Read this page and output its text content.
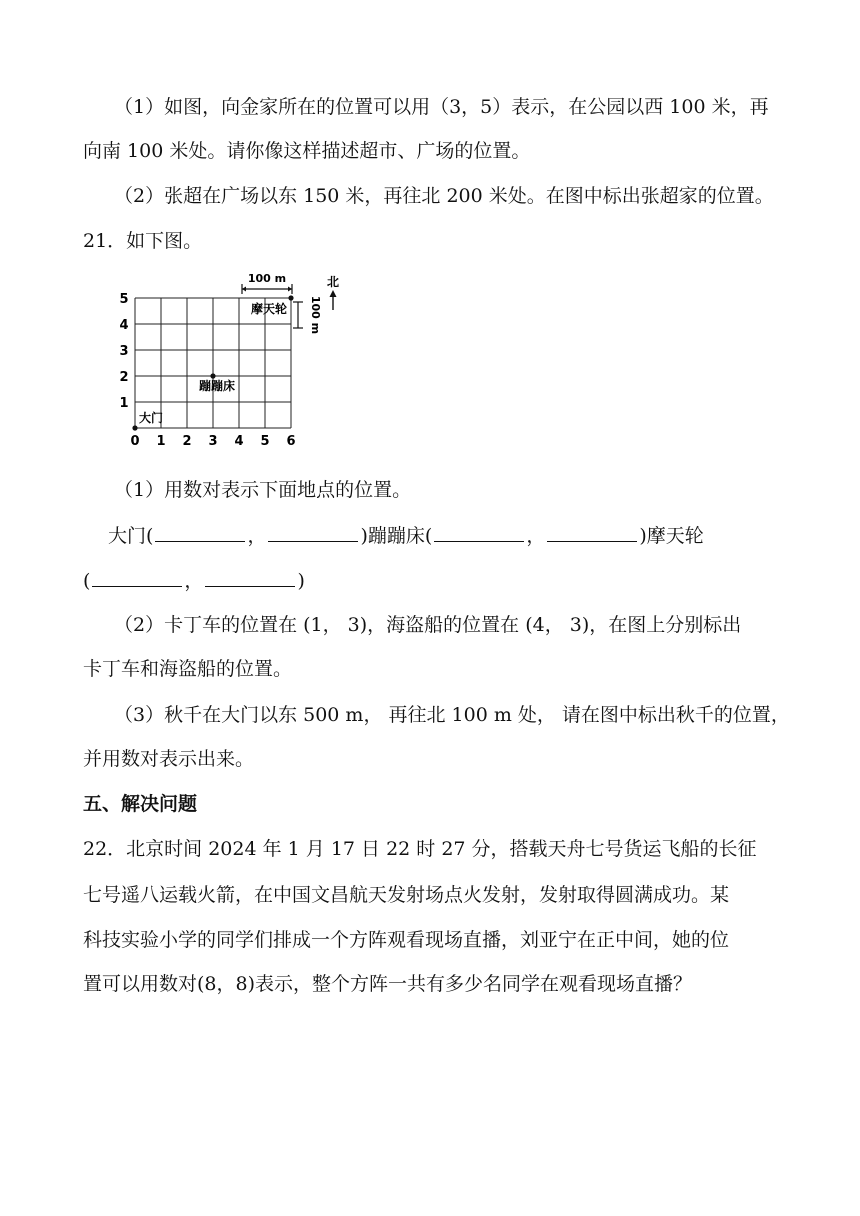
（1）如图，向金家所在的位置可以用（3，5）表示，在公园以西 100 米，再
向南 100 米处。请你像这样描述超市、广场的位置。
（2）张超在广场以东 150 米，再往北 200 米处。在图中标出张超家的位置。
21．如下图。
0 1 2 3 4 5 6
1
2
3
4
5
大门
蹦蹦床
摩天轮
100 m
100 m
北
（1）用数对表示下面地点的位置。
大门(	，	)蹦蹦床(	，	)摩天轮
(	，	)
（2）卡丁车的位置在 (1， 3)，海盗船的位置在 (4， 3)，在图上分别标出
卡丁车和海盗船的位置。
（3）秋千在大门以东 500 m， 再往北 100 m 处， 请在图中标出秋千的位置，
并用数对表示出来。
五、解决问题
22．北京时间 2024 年 1 月 17 日 22 时 27 分，搭载天舟七号货运飞船的长征
七号遥八运载火箭，在中国文昌航天发射场点火发射，发射取得圆满成功。某
科技实验小学的同学们排成一个方阵观看现场直播，刘亚宁在正中间，她的位
置可以用数对(8，8)表示，整个方阵一共有多少名同学在观看现场直播？
